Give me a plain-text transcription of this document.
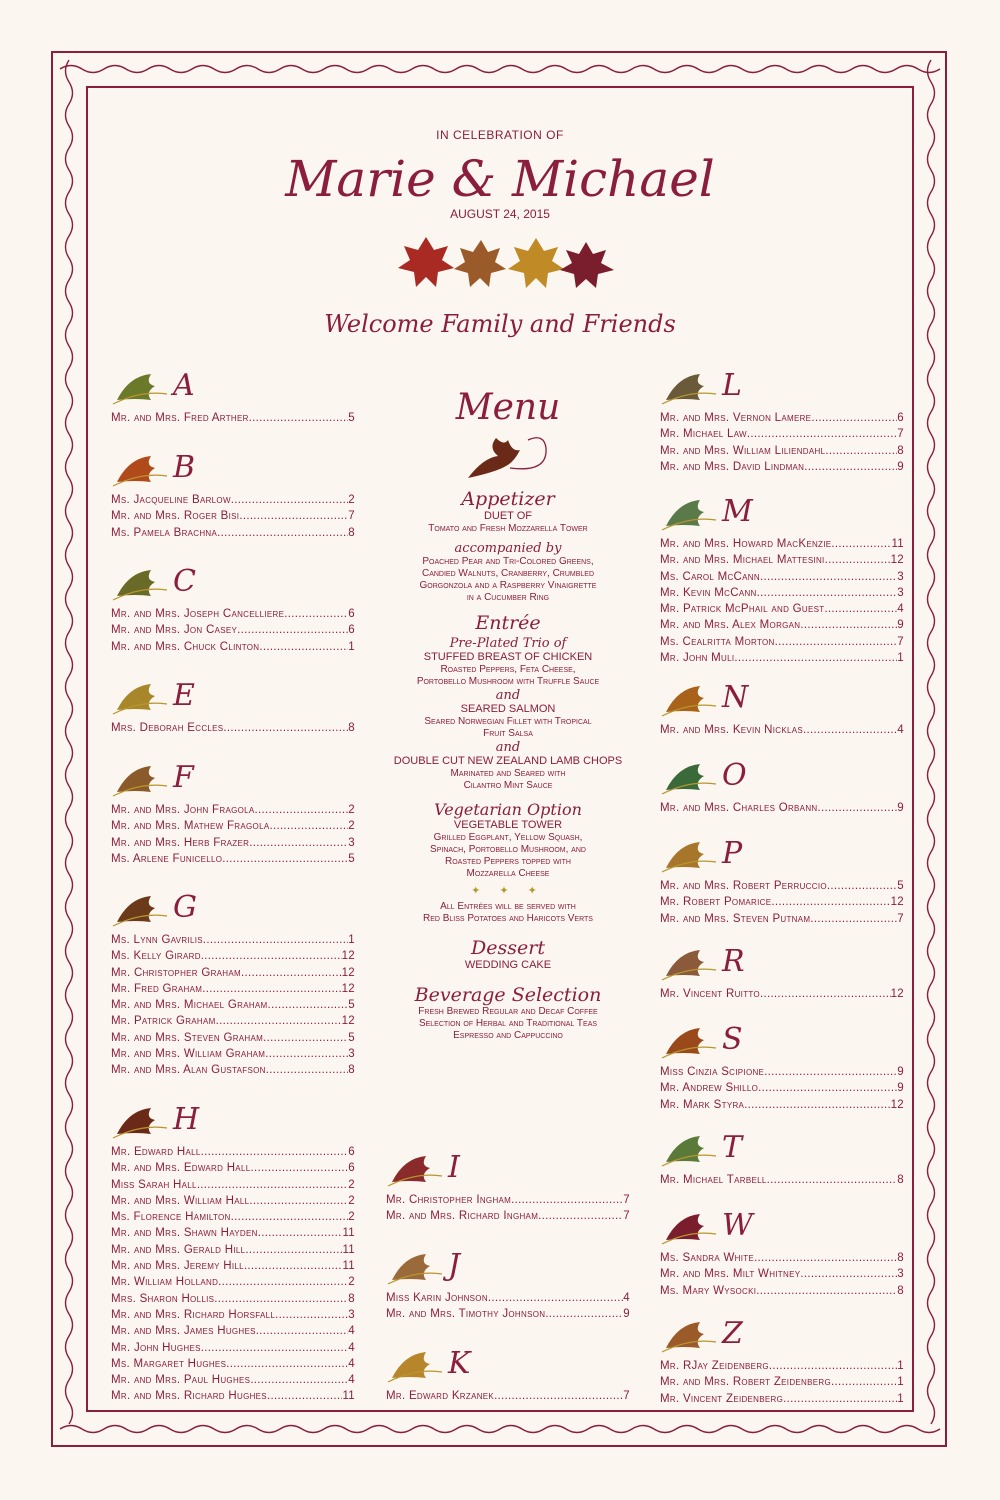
IN CELEBRATION OF
Marie & Michael
AUGUST 24, 2015
Welcome Family and Friends
A
Mr. and Mrs. Fred Arther .....	5
B
Ms. Jacqueline Barlow .....	2
Mr. and Mrs. Roger Bisi .....	7
Ms. Pamela Brachna .....	8
C
Mr. and Mrs. Joseph Cancelliere .....	6
Mr. and Mrs. Jon Casey .....	6
Mr. and Mrs. Chuck Clinton .....	1
E
Mrs. Deborah Eccles .....	8
F
Mr. and Mrs. John Fragola .....	2
Mr. and Mrs. Mathew Fragola .....	2
Mr. and Mrs. Herb Frazer .....	3
Ms. Arlene Funicello .....	5
G
Ms. Lynn Gavrilis .....	1
Ms. Kelly Girard .....	12
Mr. Christopher Graham .....	12
Mr. Fred Graham .....	12
Mr. and Mrs. Michael Graham .....	5
Mr. Patrick Graham .....	12
Mr. and Mrs. Steven Graham .....	5
Mr. and Mrs. William Graham .....	3
Mr. and Mrs. Alan Gustafson .....	8
H
Mr. Edward Hall .....	6
Mr. and Mrs. Edward Hall .....	6
Miss Sarah Hall .....	2
Mr. and Mrs. William Hall .....	2
Ms. Florence Hamilton .....	2
Mr. and Mrs. Shawn Hayden .....	11
Mr. and Mrs. Gerald Hill .....	11
Mr. and Mrs. Jeremy Hill .....	11
Mr. William Holland .....	2
Mrs. Sharon Hollis .....	8
Mr. and Mrs. Richard Horsfall .....	3
Mr. and Mrs. James Hughes .....	4
Mr. John Hughes .....	4
Ms. Margaret Hughes .....	4
Mr. and Mrs. Paul Hughes .....	4
Mr. and Mrs. Richard Hughes .....	11
I
Mr. Christopher Ingham .....	7
Mr. and Mrs. Richard Ingham .....	7
J
Miss Karin Johnson .....	4
Mr. and Mrs. Timothy Johnson .....	9
K
Mr. Edward Krzanek .....	7
L
Mr. and Mrs. Vernon Lamere .....	6
Mr. Michael Law .....	7
Mr. and Mrs. William Liliendahl .....	8
Mr. and Mrs. David Lindman .....	9
M
Mr. and Mrs. Howard MacKenzie .....	11
Mr. and Mrs. Michael Mattesini .....	12
Ms. Carol McCann .....	3
Mr. Kevin McCann .....	3
Mr. Patrick McPhail and Guest .....	4
Mr. and Mrs. Alex Morgan .....	9
Ms. Cealritta Morton .....	7
Mr. John Muli .....	1
N
Mr. and Mrs. Kevin Nicklas .....	4
O
Mr. and Mrs. Charles Orbann .....	9
P
Mr. and Mrs. Robert Perruccio .....	5
Mr. Robert Pomarice .....	12
Mr. and Mrs. Steven Putnam .....	7
R
Mr. Vincent Ruitto .....	12
S
Miss Cinzia Scipione .....	9
Mr. Andrew Shillo .....	9
Mr. Mark Styra .....	12
T
Mr. Michael Tarbell .....	8
W
Ms. Sandra White .....	8
Mr. and Mrs. Milt Whitney .....	3
Ms. Mary Wysocki .....	8
Z
Mr. RJay Zeidenberg .....	1
Mr. and Mrs. Robert Zeidenberg .....	1
Mr. Vincent Zeidenberg .....	1
Menu
Appetizer
DUET OF
Tomato and Fresh Mozzarella Tower
accompanied by
Poached Pear and Tri-Colored Greens,
Candied Walnuts, Cranberry, Crumbled
Gorgonzola and a Raspberry Vinaigrette
in a Cucumber Ring
Entrée
Pre-Plated Trio of
STUFFED BREAST OF CHICKEN
Roasted Peppers, Feta Cheese,
Portobello Mushroom with Truffle Sauce
and
SEARED SALMON
Seared Norwegian Fillet with Tropical
Fruit Salsa
and
DOUBLE CUT NEW ZEALAND LAMB CHOPS
Marinated and Seared with
Cilantro Mint Sauce
Vegetarian Option
VEGETABLE TOWER
Grilled Eggplant, Yellow Squash,
Spinach, Portobello Mushroom, and
Roasted Peppers topped with
Mozzarella Cheese
✦ ✦ ✦
All Entrées will be served with
Red Bliss Potatoes and Haricots Verts
Dessert
WEDDING CAKE
Beverage Selection
Fresh Brewed Regular and Decaf Coffee
Selection of Herbal and Traditional Teas
Espresso and Cappuccino
